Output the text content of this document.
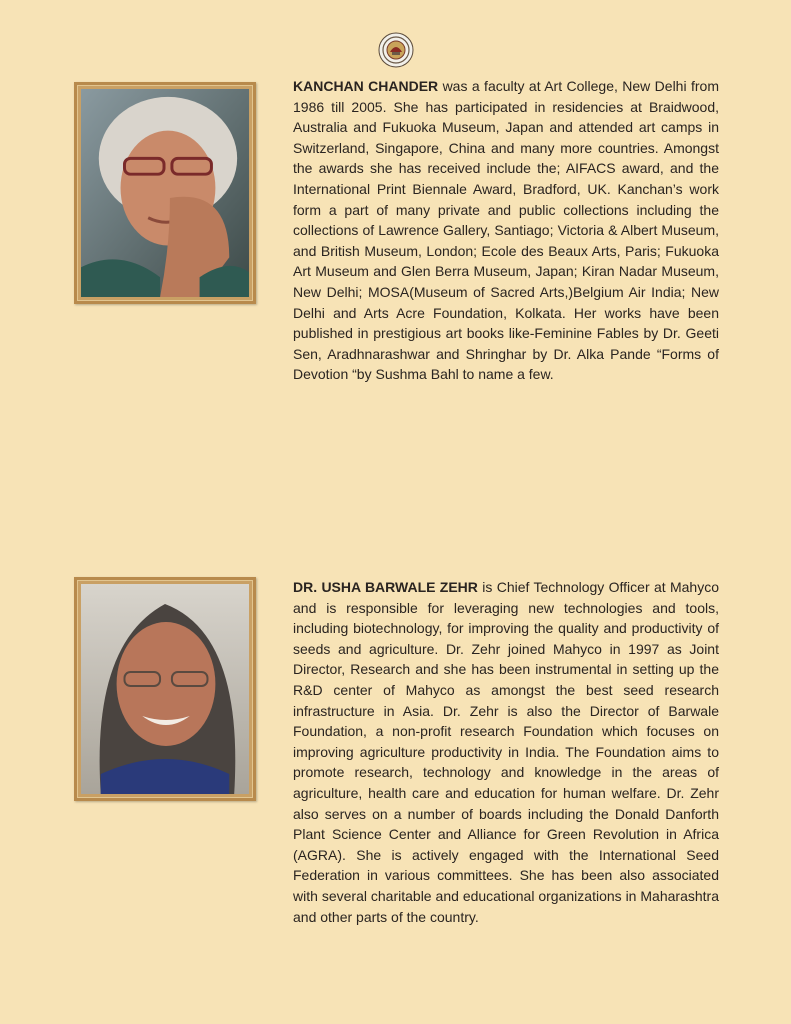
KANCHAN CHANDER was a faculty at Art College, New Delhi from 1986 till 2005. She has participated in residencies at Braidwood, Australia and Fukuoka Museum, Japan and attended art camps in Switzerland, Singapore, China and many more countries. Amongst the awards she has received include the; AIFACS award, and the International Print Biennale Award, Bradford, UK. Kanchan’s work form a part of many private and public collections including the collections of Lawrence Gallery, Santiago; Victoria & Albert Museum, and British Museum, London; Ecole des Beaux Arts, Paris; Fukuoka Art Museum and Glen Berra Museum, Japan; Kiran Nadar Museum, New Delhi; MOSA(Museum of Sacred Arts,)Belgium Air India; New Delhi and Arts Acre Foundation, Kolkata. Her works have been published in prestigious art books like-Feminine Fables by Dr. Geeti Sen, Aradhnarashwar and Shringhar by Dr. Alka Pande “Forms of Devotion “by Sushma Bahl to name a few.

DR. USHA BARWALE ZEHR is Chief Technology Officer at Mahyco and is responsible for leveraging new technologies and tools, including biotechnology, for improving the quality and productivity of seeds and agriculture. Dr. Zehr joined Mahyco in 1997 as Joint Director, Research and she has been instrumental in setting up the R&D center of Mahyco as amongst the best seed research infrastructure in Asia. Dr. Zehr is also the Director of Barwale Foundation, a non-profit research Foundation which focuses on improving agriculture productivity in India. The Foundation aims to promote research, technology and knowledge in the areas of agriculture, health care and education for human welfare. Dr. Zehr also serves on a number of boards including the Donald Danforth Plant Science Center and Alliance for Green Revolution in Africa (AGRA). She is actively engaged with the International Seed Federation in various committees. She has been also associated with several charitable and educational organizations in Maharashtra and other parts of the country.
